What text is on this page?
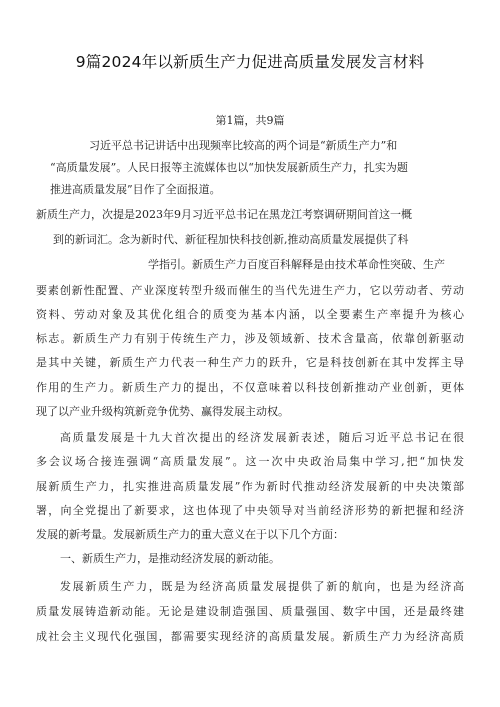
9篇2024年以新质生产力促进高质量发展发言材料
第1篇，共9篇
习近平总书记讲话中出现频率比较高的两个词是“新质生产力”和
“高质量发展”。人民日报等主流媒体也以“加快发展新质生产力，扎实为题
推进高质量发展”目作了全面报道。
新质生产力，次提是2023年9月习近平总书记在黑龙江考察调研期间首这一概
到的新词汇。念为新时代、新征程加快科技创新,推动高质量发展提供了科
学指引。新质生产力百度百科解释是由技术革命性突破、生产
要素创新性配置、产业深度转型升级而催生的当代先进生产力，它以劳动者、劳动
资料、劳动对象及其优化组合的质变为基本内涵，以全要素生产率提升为核心
标志。新质生产力有别于传统生产力，涉及领域新、技术含量高，依靠创新驱动
是其中关键，新质生产力代表一种生产力的跃升，它是科技创新在其中发挥主导
作用的生产力。新质生产力的提出，不仅意味着以科技创新推动产业创新，更体
现了以产业升级构筑新竞争优势、赢得发展主动权。
高质量发展是十九大首次提出的经济发展新表述，随后习近平总书记在很
多会议场合接连强调“高质量发展”。这一次中央政治局集中学习,把“加快发
展新质生产力，扎实推进高质量发展”作为新时代推动经济发展新的中央决策部
署，向全党提出了新要求，这也体现了中央领导对当前经济形势的新把握和经济
发展的新考量。发展新质生产力的重大意义在于以下几个方面：
一、新质生产力，是推动经济发展的新动能。
发展新质生产力，既是为经济高质量发展提供了新的航向，也是为经济高
质量发展铸造新动能。无论是建设制造强国、质量强国、数字中国，还是最终建
成社会主义现代化强国，都需要实现经济的高质量发展。新质生产力为经济高质
